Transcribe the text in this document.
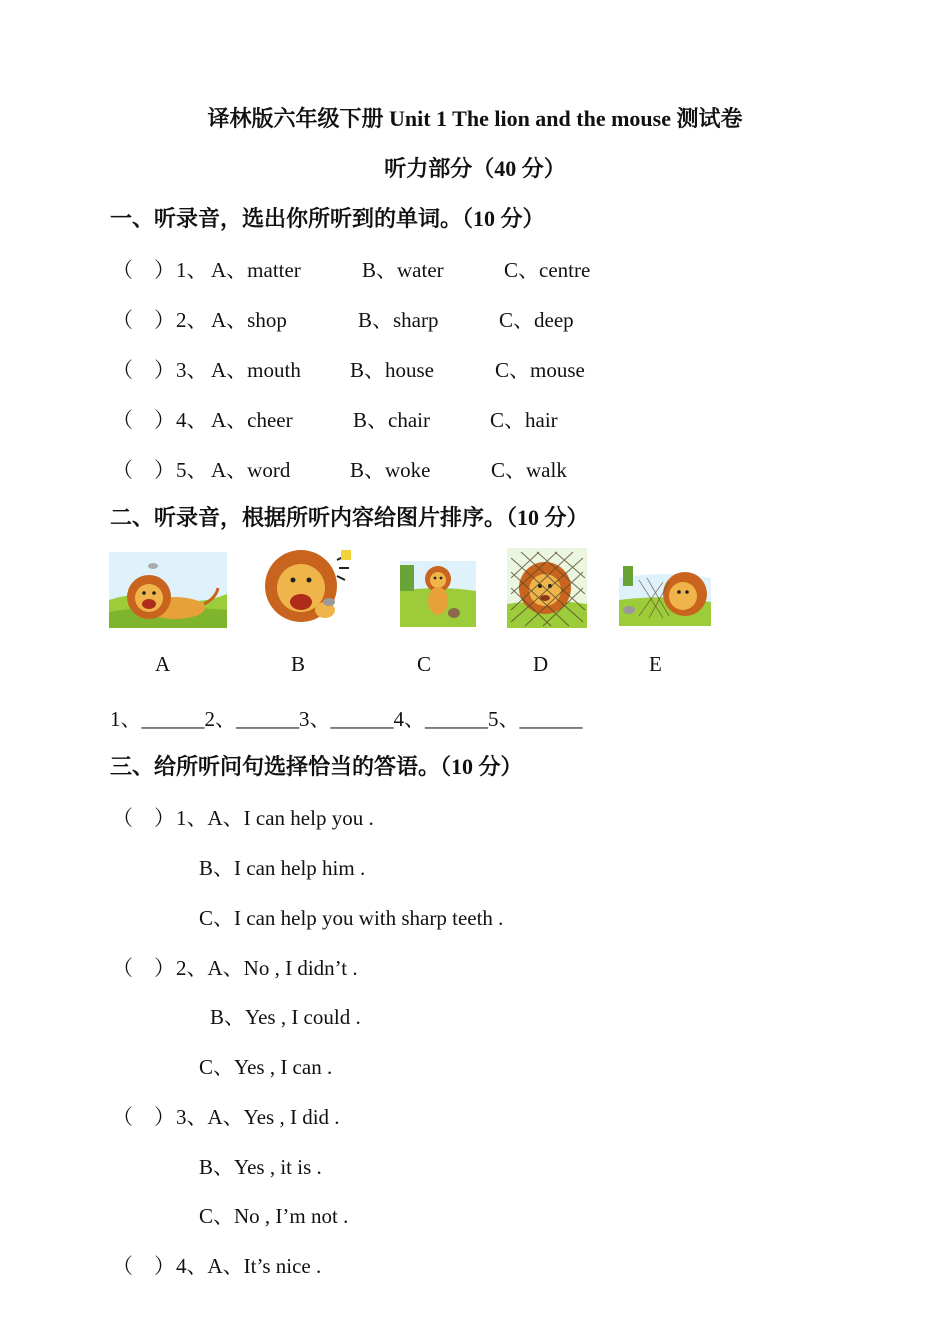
译林版六年级下册 Unit 1 The lion and the mouse 测试卷
听力部分（40 分）
一、听录音，选出你所听到的单词。（10 分）
（　） 1、 A、matter	B、water	C、centre
（　） 2、 A、shop	B、sharp	C、deep
（　） 3、 A、mouth B、house	C、mouse
（　） 4、 A、cheer	B、chair	C、hair
（　） 5、 A、word	B、woke	C、walk
二、听录音，根据所听内容给图片排序。（10 分）
A	B	C	D	E
1、______2、______3、______4、______5、______
三、给所听问句选择恰当的答语。（10 分）
（　） 1、A、I can help you .
B、I can help him .
C、I can help you with sharp teeth .
（　） 2、A、No , I didn’t .
B、Yes , I could .
C、Yes , I can .
（　） 3、A、Yes , I did .
B、Yes , it is .
C、No , I’m not .
（　） 4、A、It’s nice .
